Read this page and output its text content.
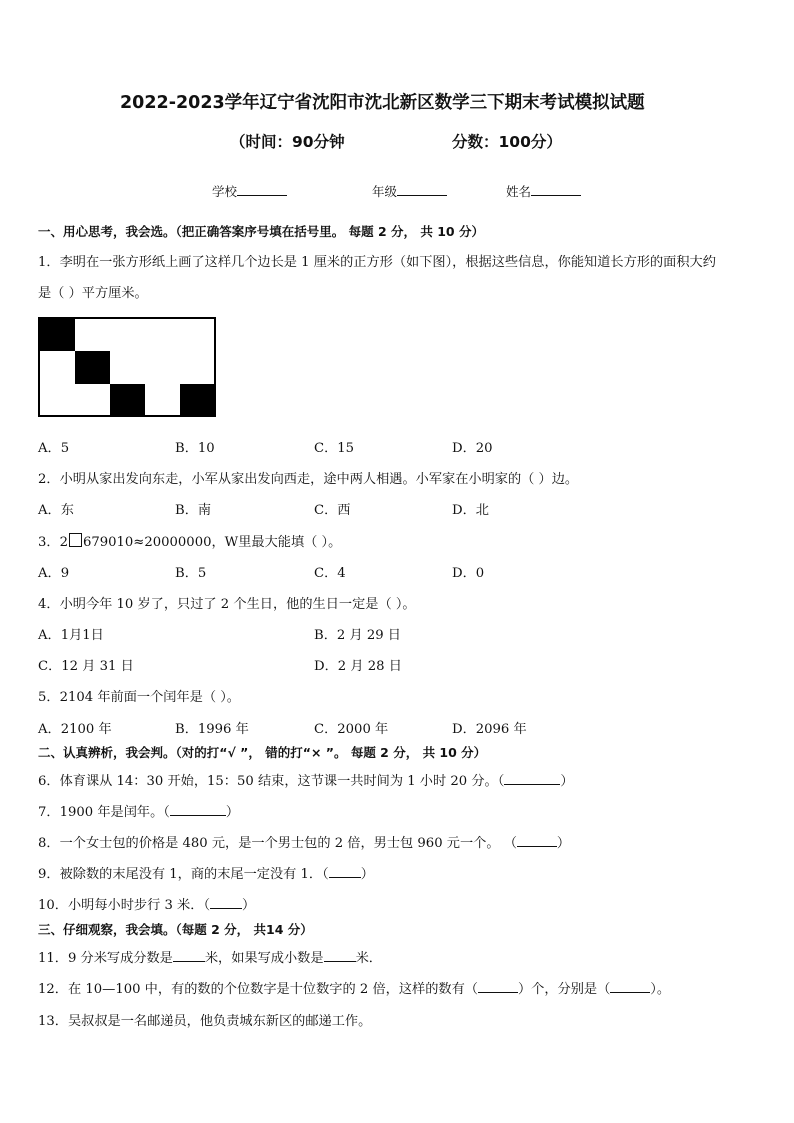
2022-2023学年辽宁省沈阳市沈北新区数学三下期末考试模拟试题
（时间：90分钟	分数：100分）
学校	年级	姓名
一、用心思考，我会选。（把正确答案序号填在括号里。 每题 2 分， 共 10 分）
1．李明在一张方形纸上画了这样几个边长是 1 厘米的正方形（如下图），根据这些信息，你能知道长方形的面积大约
是（ ）平方厘米。
A．5	B．10	C．15	D．20
2．小明从家出发向东走，小军从家出发向西走，途中两人相遇。小军家在小明家的（ ）边。
A．东	B．南	C．西	D．北
3．2 679010≈20000000，W里最大能填（ ）。
A．9	B．5	C．4	D．0
4．小明今年 10 岁了，只过了 2 个生日，他的生日一定是（ ）。
A．1月1日	B．2 月 29 日
C．12 月 31 日	D．2 月 28 日
5．2104 年前面一个闰年是（ ）。
A．2100 年	B．1996 年	C．2000 年	D．2096 年
二、认真辨析，我会判。（对的打“√ ”， 错的打“× ”。 每题 2 分， 共 10 分）
6．体育课从 14：30 开始，15：50 结束，这节课一共时间为 1 小时 20 分。（	）
7．1900 年是闰年。（	）
8．一个女士包的价格是 480 元，是一个男士包的 2 倍，男士包 960 元一个。 （	）
9．被除数的末尾没有 1，商的末尾一定没有 1．（ ）
10．小明每小时步行 3 米．（ ）
三、仔细观察，我会填。（每题 2 分， 共14 分）
11．9 分米写成分数是 米，如果写成小数是 米．
12．在 10—100 中，有的数的个位数字是十位数字的 2 倍，这样的数有（	）个，分别是（	）。
13．吴叔叔是一名邮递员，他负责城东新区的邮递工作。
